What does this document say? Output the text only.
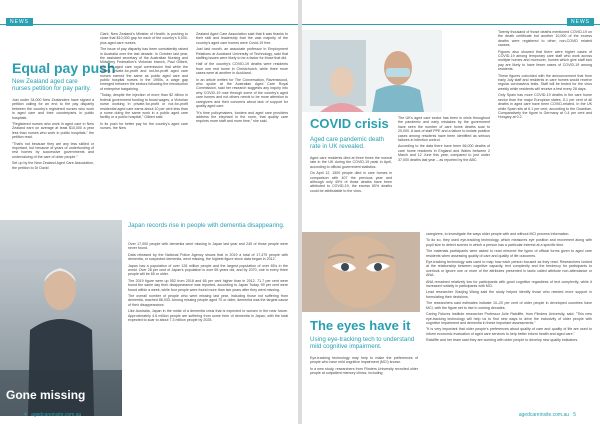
NEWS
Equal pay push
New Zealand aged care nurses petition for pay parity.

Just under 34,000 New Zealanders have signed a petition calling for an end to the pay disparity between the country's registered nurses who work in aged care and their counterparts in public hospitals.

"Registered nurses who work in aged care in New Zealand earn on average at least $10,000 a year less than nurses who work in public hospitals," the petition read.

"That's not because they are any less skilled or important, but because of years of underfunding of rest homes by successive governments and undervaluing of the care of older people."

Set up by the New Zealand Aged Care Association, the petition to Dr David

Clark, New Zealand's Minister of Health, is pushing to close that $10,000 gap for each of the country's 5,000-plus aged care nurses.

The issue of pay disparity has been consistently raised in Australia over the last decade. In October last year, the assistant secretary of the Australian Nursing and Midwifery Federation's Victorian branch, Paul Gilbert, told the aged care royal commission that while the state's private-for-profit and not-for-profit aged care nurses earned the same as public aged care and public hospital nurses in the 1990s, a wage gap emerged between the sectors following the introduction of enterprise bargaining.

"Today, despite the injection of more than $2 billion in federal government funding to boost wages, a Victorian nurse working in private-for-profit or not-for-profit residential aged care earns about 10 per cent less than a nurse doing the same work in a public aged care facility or a public hospital," Gilbert said.

In its push for better pay for the country's aged care nurses, the New

Zealand Aged Care Association said that it was thanks to their skill and leadership that the vast majority of the country's aged care homes were Covid-19 free.

Just last month, an associate professor in Employment Relations at Auckland University of Technology, said that staffing issues were likely to be a factor for those that did.

Half of the country's COVID-19 deaths were residents from one rest home in Christchurch, while three more cases were at another in Auckland.

In an article written for The Conversation, Ravenswood, who spoke at the Australian Aged Care Royal Commission, said her research suggests any inquiry into why COVID-19 rose through some of the country's aged care homes and not others needs to be more attention to caregivers and their concerns about lack of support for quality aged care.

"It's time policymakers, funders and aged care providers address the elephant in the room, that quality care requires more staff and more time," she said.

Gone missing
Japan records rise in people with dementia disappearing.

Over 17,000 people with dementia went missing in Japan last year and 245 of those people were never found.

Data released by the National Police Agency shows that in 2019 a total of 17,479 people with dementia, or suspected dementia, went missing, the highest figure since data began in 2012.

Japan has a population of over 126 million people and the largest population of over 65's in the world. Over 28 per cent of Japan's population is over 65 years old, and by 2070, one in every three people will be 65 or older.

The 2019 figure were up 552 from 2018 and 65 per cent higher than in 2012. 71.7 per cent were found the same day their disappearance was reported, according to Japan Today. 99 per cent were found within a week, while four people were found more than two years after they went missing.

The overall number of people who went missing last year, including those not suffering from dementia, reached 86,933. Among missing people aged 70 or older, dementia was the largest cause of their disappearance.

Like Australia, Japan in the midst of a dementia crisis that is expected to worsen in the near future. Approximately 4.6 million people are suffering from some form of dementia in Japan, with the total expected to soar to about 7.3 million people by 2025.

4 agedcareinsite.com.au
NEWS
COVID crisis
Aged care pandemic death rate in UK revealed.

Aged care residents died at three times the normal rate in the UK during the COVID-19 peak in April, according to official government statistics.

On April 12, 1500 people died in care homes in comparison with 407 the previous year and although only 49% of those deaths have been attributed to COVID-19, the excess 60% deaths could be attributable to the virus.

The UK's aged care sector has been in crisis throughout the pandemic and early mistakes by the government have seen the number of care home deaths soar to 20,000. A lack of staff PPE and a failure to isolate positive cases among residents have been identified as serious failures in infection control.

According to the data there have been 66,000 deaths of care home residents in England and Wales between 2 March and 12 June this year, compared to just under 37,000 deaths last year – as reported by the ABC.

Twenty thousand of those deaths mentioned COVID-19 on the death certificate but another 10,000 of the excess deaths were registered to other, non-COVID related causes.

Figures also showed that there were higher cases of COVID-19 among temporary care staff who work across multiple homes and moreover, homes which give staff sick pay are likely to have fewer cases of COVID-19 among residents.

These figures coincided with the announcement that from early July staff and residents in care homes would receive regular coronavirus tests. Staff will be tested for the virus weekly while residents will receive a test every 28 days.

Only Spain has more COVID-19 deaths in the care home sector than the major European states. 5.1 per cent of all deaths in aged care have been COVID-related. In the UK while Spain sits at 6.1 per cent, according to the Guardian. Comparatively the figure is Germany at 0.4 per cent and Hungary at 0.2.

The eyes have it
Using eye-tracking tech to understand mild cognitive impairment.

Eye-tracking technology may help to make the preferences of people who have mild cognitive impairment (MCI) known.

In a new study, researchers from Flinders University recruited older people at outpatient memory clinics, including

caregivers, to investigate the ways older people with and without MCI process information.

To do so, they used eye-tracking technology, which measures eye position and movement along with pupil size to detect scenes in which a person has a particular interest at a specific time.

The materials participants were asked to read mirrored the types of official forms given to aged care residents when assessing quality of care and quality of life outcomes.

Eye-tracking technology was used to map how each person focused as they read. Researchers looked at the relationship between cognitive capacity, text complexity and the tendency for participants to overlook or ignore one or more of the attributes presented in tactic called attribute non-attendance or ANA.

ANA remained relatively low for participants with good cognitive regardless of text complexity, while it increased notably in participants with MCI.

Lead researcher Xiaojing Wang said the study helped identify those who needed more support in formulating their decisions.

The researchers said estimates indicate 10–20 per cent of older people in developed countries have MCI, with the figure set to rise in coming decades.

Caring Futures Institute researcher Professor Julie Ratcliffe, from Flinders University, said: "This new eye-tracking technology will help us to find new ways to drive the inclusivity of older people with cognitive impairment and dementia in these important assessments."

"It is very important that older people's preferences about quality of care and quality of life are used to inform economic evaluation of aged care services to help better inform health and aged care."

Ratcliffe and her team said they are working with older people to develop new quality indicators.

agedcareinsite.com.au 5
